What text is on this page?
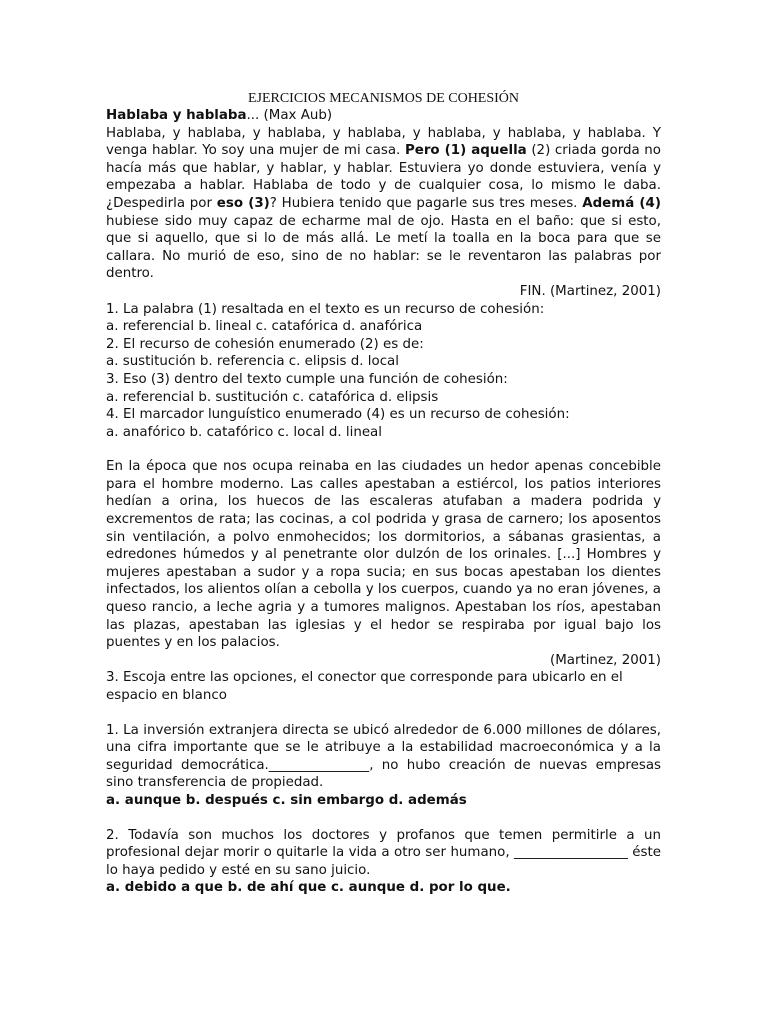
EJERCICIOS MECANISMOS DE COHESIÓN

Hablaba y hablaba... (Max Aub)

Hablaba, y hablaba, y hablaba, y hablaba, y hablaba, y hablaba, y hablaba. Y venga hablar. Yo soy una mujer de mi casa. Pero (1) aquella (2) criada gorda no hacía más que hablar, y hablar, y hablar. Estuviera yo donde estuviera, venía y empezaba a hablar. Hablaba de todo y de cualquier cosa, lo mismo le daba. ¿Despedirla por eso (3)? Hubiera tenido que pagarle sus tres meses. Ademá (4) hubiese sido muy capaz de echarme mal de ojo. Hasta en el baño: que si esto, que si aquello, que si lo de más allá. Le metí la toalla en la boca para que se callara. No murió de eso, sino de no hablar: se le reventaron las palabras por dentro.

FIN. (Martinez, 2001)

1. La palabra (1) resaltada en el texto es un recurso de cohesión:

a. referencial b. lineal c. catafórica d. anafórica

2. El recurso de cohesión enumerado (2) es de:

a. sustitución b. referencia c. elipsis d. local

3. Eso (3) dentro del texto cumple una función de cohesión:

a. referencial b. sustitución c. catafórica d. elipsis

4. El marcador lunguístico enumerado (4) es un recurso de cohesión:

a. anafórico b. catafórico c. local d. lineal

En la época que nos ocupa reinaba en las ciudades un hedor apenas concebible para el hombre moderno. Las calles apestaban a estiércol, los patios interiores hedían a orina, los huecos de las escaleras atufaban a madera podrida y excrementos de rata; las cocinas, a col podrida y grasa de carnero; los aposentos sin ventilación, a polvo enmohecidos; los dormitorios, a sábanas grasientas, a edredones húmedos y al penetrante olor dulzón de los orinales. [...] Hombres y mujeres apestaban a sudor y a ropa sucia; en sus bocas apestaban los dientes infectados, los alientos olían a cebolla y los cuerpos, cuando ya no eran jóvenes, a queso rancio, a leche agria y a tumores malignos. Apestaban los ríos, apestaban las plazas, apestaban las iglesias y el hedor se respiraba por igual bajo los puentes y en los palacios.

(Martinez, 2001)

3. Escoja entre las opciones, el conector que corresponde para ubicarlo en el espacio en blanco

1. La inversión extranjera directa se ubicó alrededor de 6.000 millones de dólares, una cifra importante que se le atribuye a la estabilidad macroeconómica y a la seguridad democrática._______________, no hubo creación de nuevas empresas sino transferencia de propiedad.

a. aunque b. después c. sin embargo d. además

2. Todavía son muchos los doctores y profanos que temen permitirle a un profesional dejar morir o quitarle la vida a otro ser humano, _________________ éste lo haya pedido y esté en su sano juicio.

a. debido a que b. de ahí que c. aunque d. por lo que.
